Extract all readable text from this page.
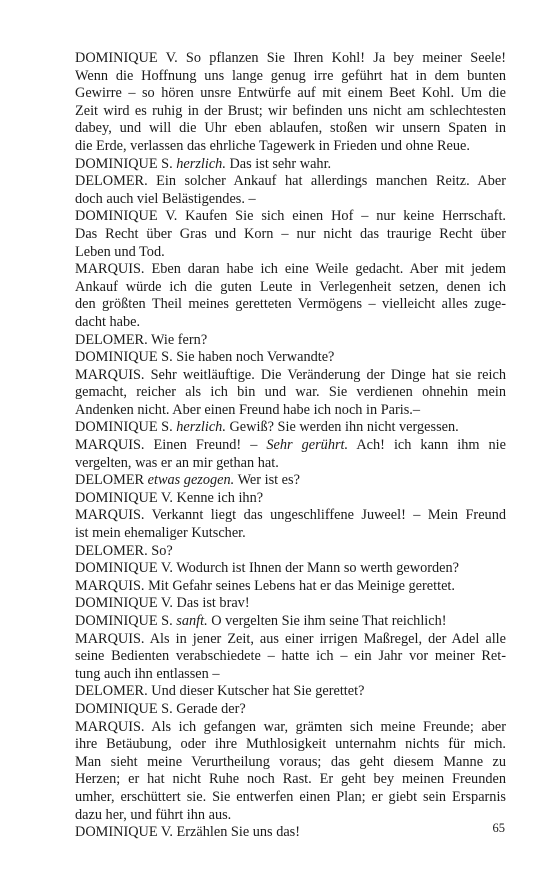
DOMINIQUE V. So pflanzen Sie Ihren Kohl! Ja bey meiner Seele!
Wenn die Hoffnung uns lange genug irre geführt hat in dem bunten
Gewirre – so hören unsre Entwürfe auf mit einem Beet Kohl. Um die
Zeit wird es ruhig in der Brust; wir befinden uns nicht am schlechtesten
dabey, und will die Uhr eben ablaufen, stoßen wir unsern Spaten in
die Erde, verlassen das ehrliche Tagewerk in Frieden und ohne Reue.

DOMINIQUE S. herzlich. Das ist sehr wahr.

DELOMER. Ein solcher Ankauf hat allerdings manchen Reitz. Aber
doch auch viel Belästigendes. –

DOMINIQUE V. Kaufen Sie sich einen Hof – nur keine Herrschaft.
Das Recht über Gras und Korn – nur nicht das traurige Recht über
Leben und Tod.

MARQUIS. Eben daran habe ich eine Weile gedacht. Aber mit jedem
Ankauf würde ich die guten Leute in Verlegenheit setzen, denen ich
den größten Theil meines geretteten Vermögens – vielleicht alles zuge-
dacht habe.

DELOMER. Wie fern?

DOMINIQUE S. Sie haben noch Verwandte?

MARQUIS. Sehr weitläuftige. Die Veränderung der Dinge hat sie reich
gemacht, reicher als ich bin und war. Sie verdienen ohnehin mein
Andenken nicht. Aber einen Freund habe ich noch in Paris.–

DOMINIQUE S. herzlich. Gewiß? Sie werden ihn nicht vergessen.

MARQUIS. Einen Freund! – Sehr gerührt. Ach! ich kann ihm nie
vergelten, was er an mir gethan hat.

DELOMER etwas gezogen. Wer ist es?

DOMINIQUE V. Kenne ich ihn?

MARQUIS. Verkannt liegt das ungeschliffene Juweel! – Mein Freund
ist mein ehemaliger Kutscher.

DELOMER. So?

DOMINIQUE V. Wodurch ist Ihnen der Mann so werth geworden?

MARQUIS. Mit Gefahr seines Lebens hat er das Meinige gerettet.

DOMINIQUE V. Das ist brav!

DOMINIQUE S. sanft. O vergelten Sie ihm seine That reichlich!

MARQUIS. Als in jener Zeit, aus einer irrigen Maßregel, der Adel alle
seine Bedienten verabschiedete – hatte ich – ein Jahr vor meiner Ret-
tung auch ihn entlassen –

DELOMER. Und dieser Kutscher hat Sie gerettet?

DOMINIQUE S. Gerade der?

MARQUIS. Als ich gefangen war, grämten sich meine Freunde; aber
ihre Betäubung, oder ihre Muthlosigkeit unternahm nichts für mich.
Man sieht meine Verurtheilung voraus; das geht diesem Manne zu
Herzen; er hat nicht Ruhe noch Rast. Er geht bey meinen Freunden
umher, erschüttert sie. Sie entwerfen einen Plan; er giebt sein Ersparnis
dazu her, und führt ihn aus.

DOMINIQUE V. Erzählen Sie uns das!	65
